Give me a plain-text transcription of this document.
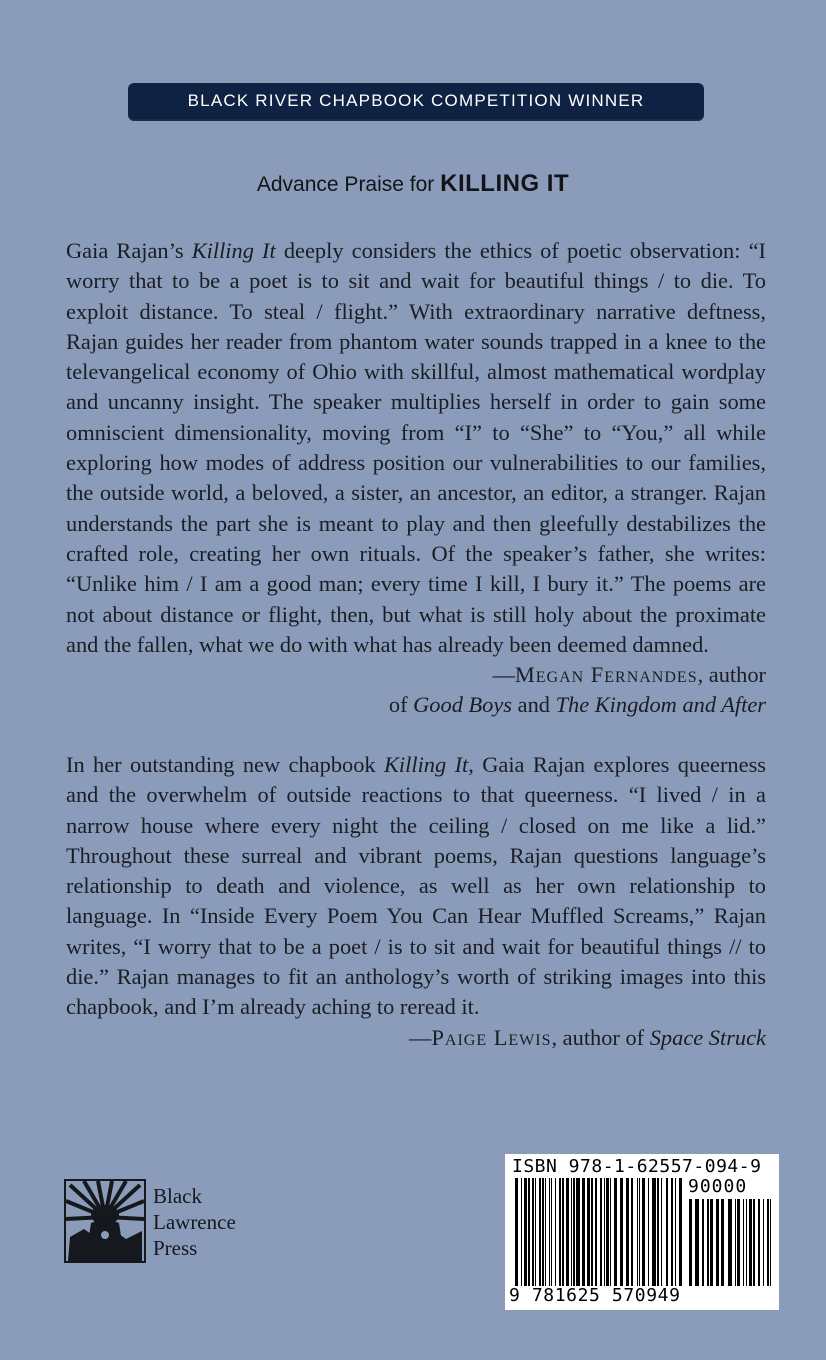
BLACK RIVER CHAPBOOK COMPETITION WINNER
Advance Praise for KILLING IT
Gaia Rajan’s Killing It deeply considers the ethics of poetic observation: “I worry that to be a poet is to sit and wait for beautiful things / to die. To exploit distance. To steal / flight.” With extraordinary narrative deftness, Rajan guides her reader from phantom water sounds trapped in a knee to the televangelical economy of Ohio with skillful, almost mathematical wordplay and uncanny insight. The speaker multiplies herself in order to gain some omniscient dimensionality, moving from “I” to “She” to “You,” all while exploring how modes of address position our vulnerabilities to our families, the outside world, a beloved, a sister, an ancestor, an editor, a stranger. Rajan understands the part she is meant to play and then gleefully destabilizes the crafted role, creating her own rituals. Of the speaker’s father, she writes: “Unlike him / I am a good man; every time I kill, I bury it.” The poems are not about distance or flight, then, but what is still holy about the proximate and the fallen, what we do with what has already been deemed damned.
—Megan Fernandes, author
of Good Boys and The Kingdom and After
In her outstanding new chapbook Killing It, Gaia Rajan explores queerness and the overwhelm of outside reactions to that queerness. “I lived / in a narrow house where every night the ceiling / closed on me like a lid.” Throughout these surreal and vibrant poems, Rajan questions language’s relationship to death and violence, as well as her own relationship to language. In “Inside Every Poem You Can Hear Muffled Screams,” Rajan writes, “I worry that to be a poet / is to sit and wait for beautiful things // to die.” Rajan manages to fit an anthology’s worth of striking images into this chapbook, and I’m already aching to reread it.
—Paige Lewis, author of Space Struck
Black
Lawrence
Press
ISBN 978-1-62557-094-9
90000
9 781625 570949
